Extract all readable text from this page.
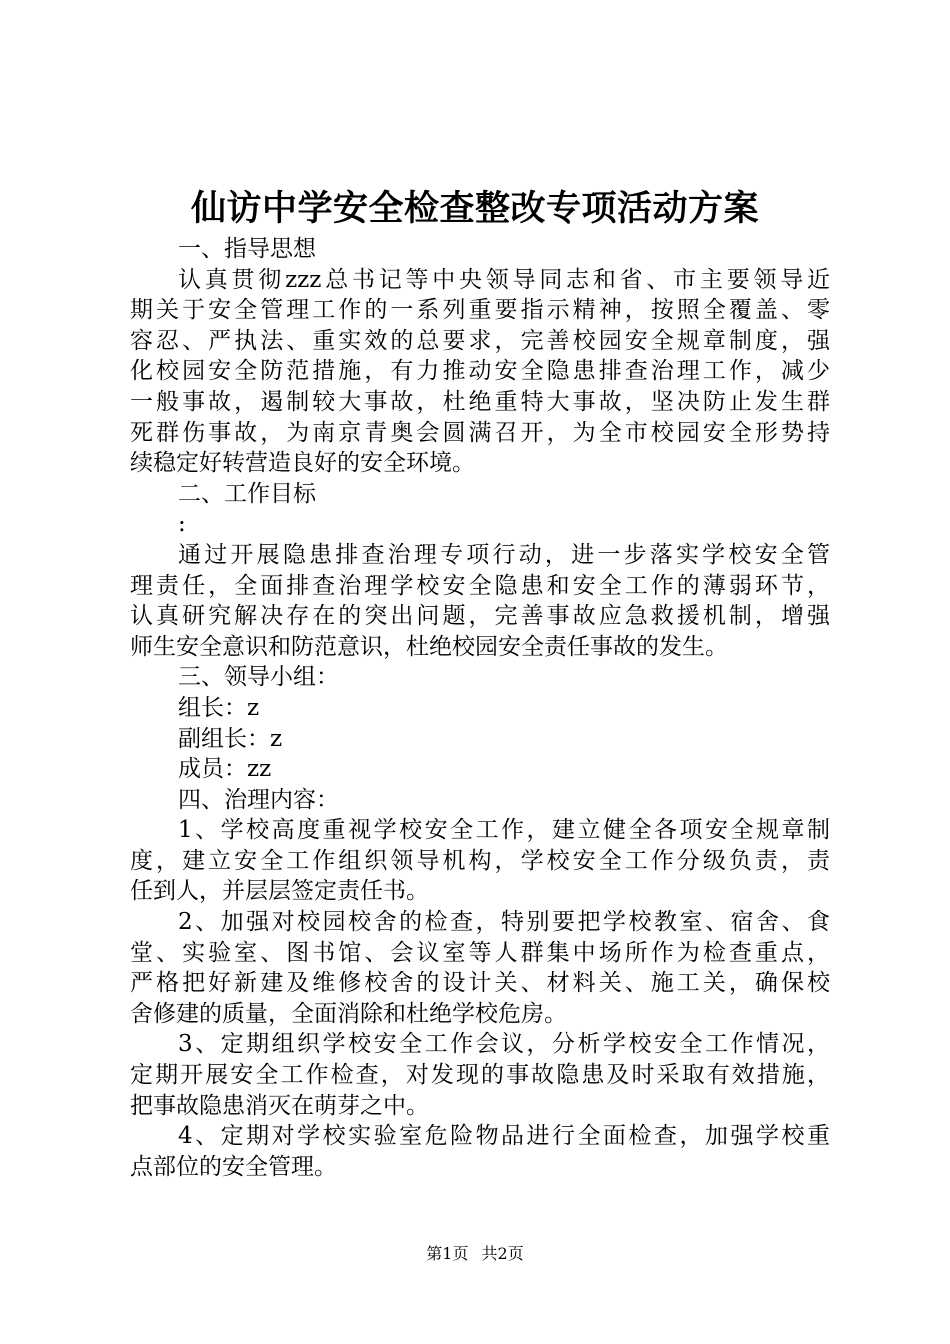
仙访中学安全检查整改专项活动方案
一、指导思想
认真贯彻zzz总书记等中央领导同志和省、市主要领导近
期关于安全管理工作的一系列重要指示精神，按照全覆盖、零
容忍、严执法、重实效的总要求，完善校园安全规章制度，强
化校园安全防范措施，有力推动安全隐患排查治理工作，减少
一般事故，遏制较大事故，杜绝重特大事故，坚决防止发生群
死群伤事故，为南京青奥会圆满召开，为全市校园安全形势持
续稳定好转营造良好的安全环境。
二、工作目标
:
通过开展隐患排查治理专项行动，进一步落实学校安全管
理责任，全面排查治理学校安全隐患和安全工作的薄弱环节，
认真研究解决存在的突出问题，完善事故应急救援机制，增强
师生安全意识和防范意识，杜绝校园安全责任事故的发生。
三、领导小组：
组长：z
副组长：z
成员：zz
四、治理内容：
1、学校高度重视学校安全工作，建立健全各项安全规章制
度，建立安全工作组织领导机构，学校安全工作分级负责，责
任到人，并层层签定责任书。
2、加强对校园校舍的检查，特别要把学校教室、宿舍、食
堂、实验室、图书馆、会议室等人群集中场所作为检查重点，
严格把好新建及维修校舍的设计关、材料关、施工关，确保校
舍修建的质量，全面消除和杜绝学校危房。
3、定期组织学校安全工作会议，分析学校安全工作情况，
定期开展安全工作检查，对发现的事故隐患及时采取有效措施，
把事故隐患消灭在萌芽之中。
4、定期对学校实验室危险物品进行全面检查，加强学校重
点部位的安全管理。
第1页 共2页
